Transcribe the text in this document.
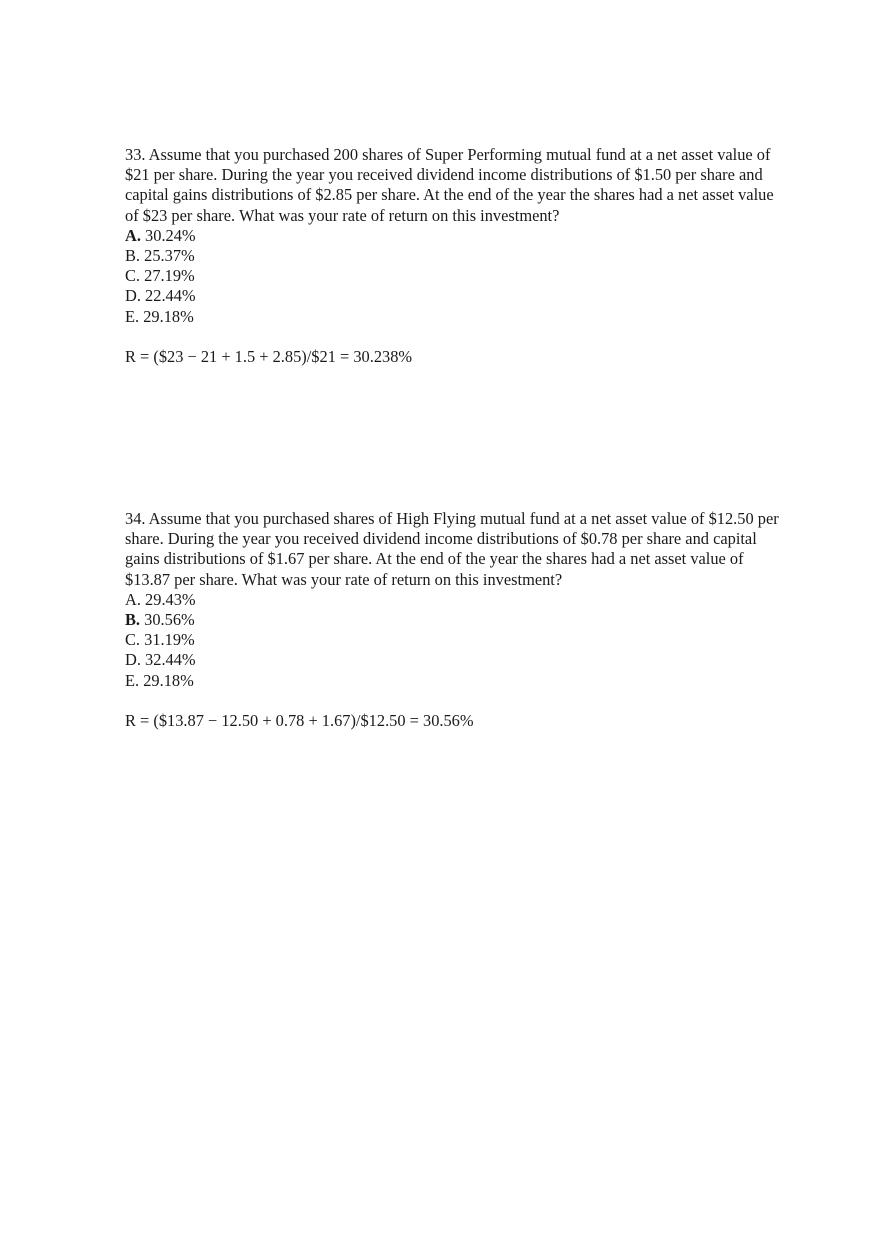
33. Assume that you purchased 200 shares of Super Performing mutual fund at a net asset value of $21 per share. During the year you received dividend income distributions of $1.50 per share and capital gains distributions of $2.85 per share. At the end of the year the shares had a net asset value of $23 per share. What was your rate of return on this investment?

A. 30.24%
B. 25.37%
C. 27.19%
D. 22.44%
E. 29.18%

R = ($23 − 21 + 1.5 + 2.85)/$21 = 30.238%

34. Assume that you purchased shares of High Flying mutual fund at a net asset value of $12.50 per share. During the year you received dividend income distributions of $0.78 per share and capital gains distributions of $1.67 per share. At the end of the year the shares had a net asset value of $13.87 per share. What was your rate of return on this investment?

A. 29.43%
B. 30.56%
C. 31.19%
D. 32.44%
E. 29.18%

R = ($13.87 − 12.50 + 0.78 + 1.67)/$12.50 = 30.56%
